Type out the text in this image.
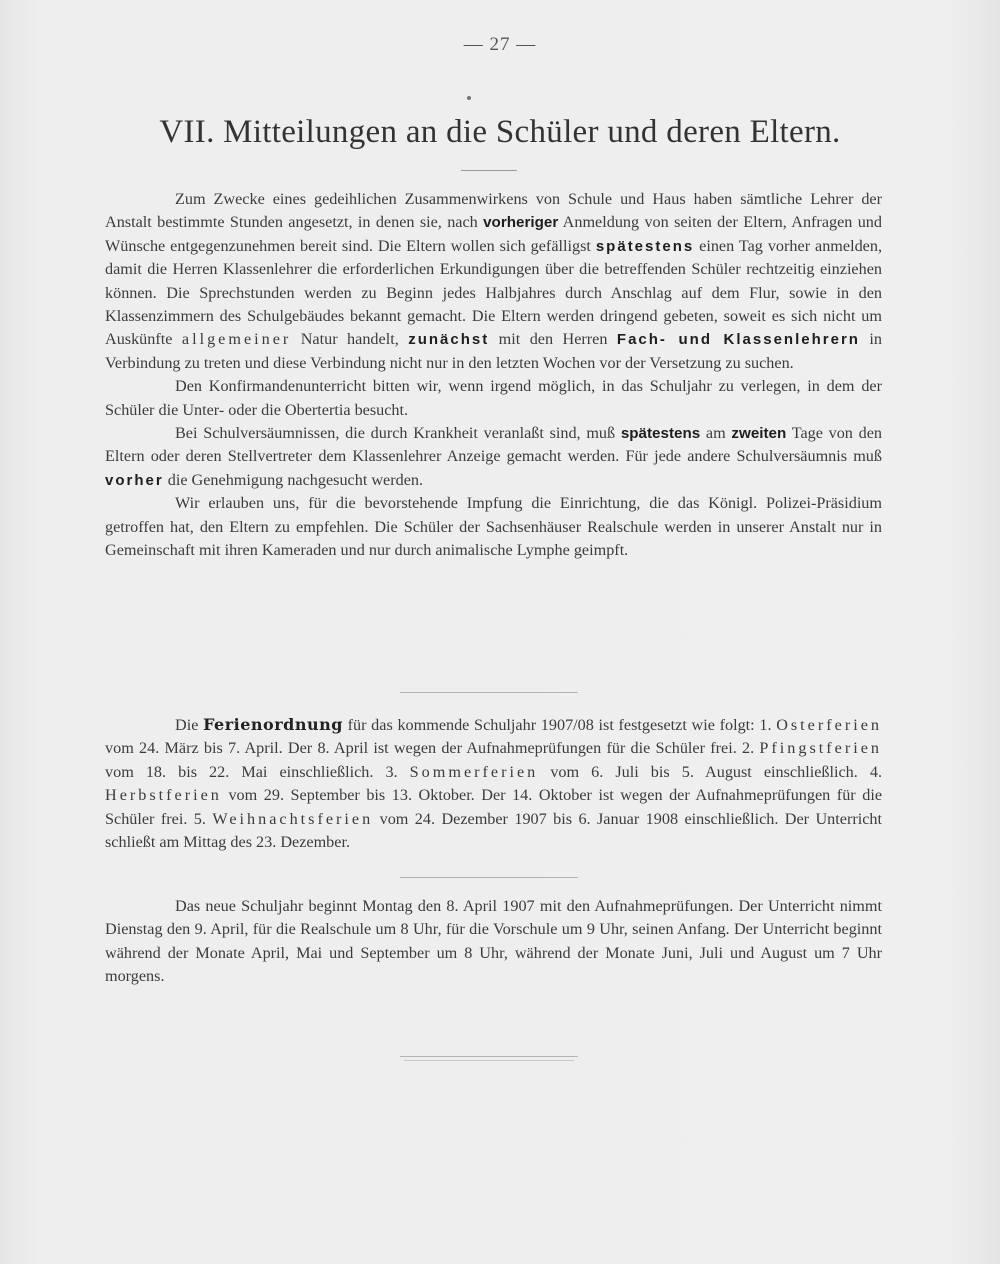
— 27 —
VII. Mitteilungen an die Schüler und deren Eltern.

Zum Zwecke eines gedeihlichen Zusammenwirkens von Schule und Haus haben sämtliche Lehrer der Anstalt bestimmte Stunden angesetzt, in denen sie, nach vorheriger Anmeldung von seiten der Eltern, Anfragen und Wünsche entgegenzunehmen bereit sind. Die Eltern wollen sich gefälligst spätestens einen Tag vorher anmelden, damit die Herren Klassenlehrer die erforderlichen Erkundigungen über die betreffenden Schüler rechtzeitig einziehen können. Die Sprechstunden werden zu Beginn jedes Halbjahres durch Anschlag auf dem Flur, sowie in den Klassenzimmern des Schulgebäudes bekannt gemacht. Die Eltern werden dringend gebeten, soweit es sich nicht um Auskünfte allgemeiner Natur handelt, zunächst mit den Herren Fach- und Klassenlehrern in Verbindung zu treten und diese Verbindung nicht nur in den letzten Wochen vor der Versetzung zu suchen.

Den Konfirmandenunterricht bitten wir, wenn irgend möglich, in das Schuljahr zu verlegen, in dem der Schüler die Unter- oder die Obertertia besucht.

Bei Schulversäumnissen, die durch Krankheit veranlaßt sind, muß spätestens am zweiten Tage von den Eltern oder deren Stellvertreter dem Klassenlehrer Anzeige gemacht werden. Für jede andere Schulversäumnis muß vorher die Genehmigung nachgesucht werden.

Wir erlauben uns, für die bevorstehende Impfung die Einrichtung, die das Königl. Polizei-Präsidium getroffen hat, den Eltern zu empfehlen. Die Schüler der Sachsenhäuser Realschule werden in unserer Anstalt nur in Gemeinschaft mit ihren Kameraden und nur durch animalische Lymphe geimpft.

Die Ferienordnung für das kommende Schuljahr 1907/08 ist festgesetzt wie folgt: 1. Osterferien vom 24. März bis 7. April. Der 8. April ist wegen der Aufnahmeprüfungen für die Schüler frei. 2. Pfingstferien vom 18. bis 22. Mai einschließlich. 3. Sommerferien vom 6. Juli bis 5. August einschließlich. 4. Herbstferien vom 29. September bis 13. Oktober. Der 14. Oktober ist wegen der Aufnahmeprüfungen für die Schüler frei. 5. Weihnachtsferien vom 24. Dezember 1907 bis 6. Januar 1908 einschließlich. Der Unterricht schließt am Mittag des 23. Dezember.

Das neue Schuljahr beginnt Montag den 8. April 1907 mit den Aufnahmeprüfungen. Der Unterricht nimmt Dienstag den 9. April, für die Realschule um 8 Uhr, für die Vorschule um 9 Uhr, seinen Anfang. Der Unterricht beginnt während der Monate April, Mai und September um 8 Uhr, während der Monate Juni, Juli und August um 7 Uhr morgens.
